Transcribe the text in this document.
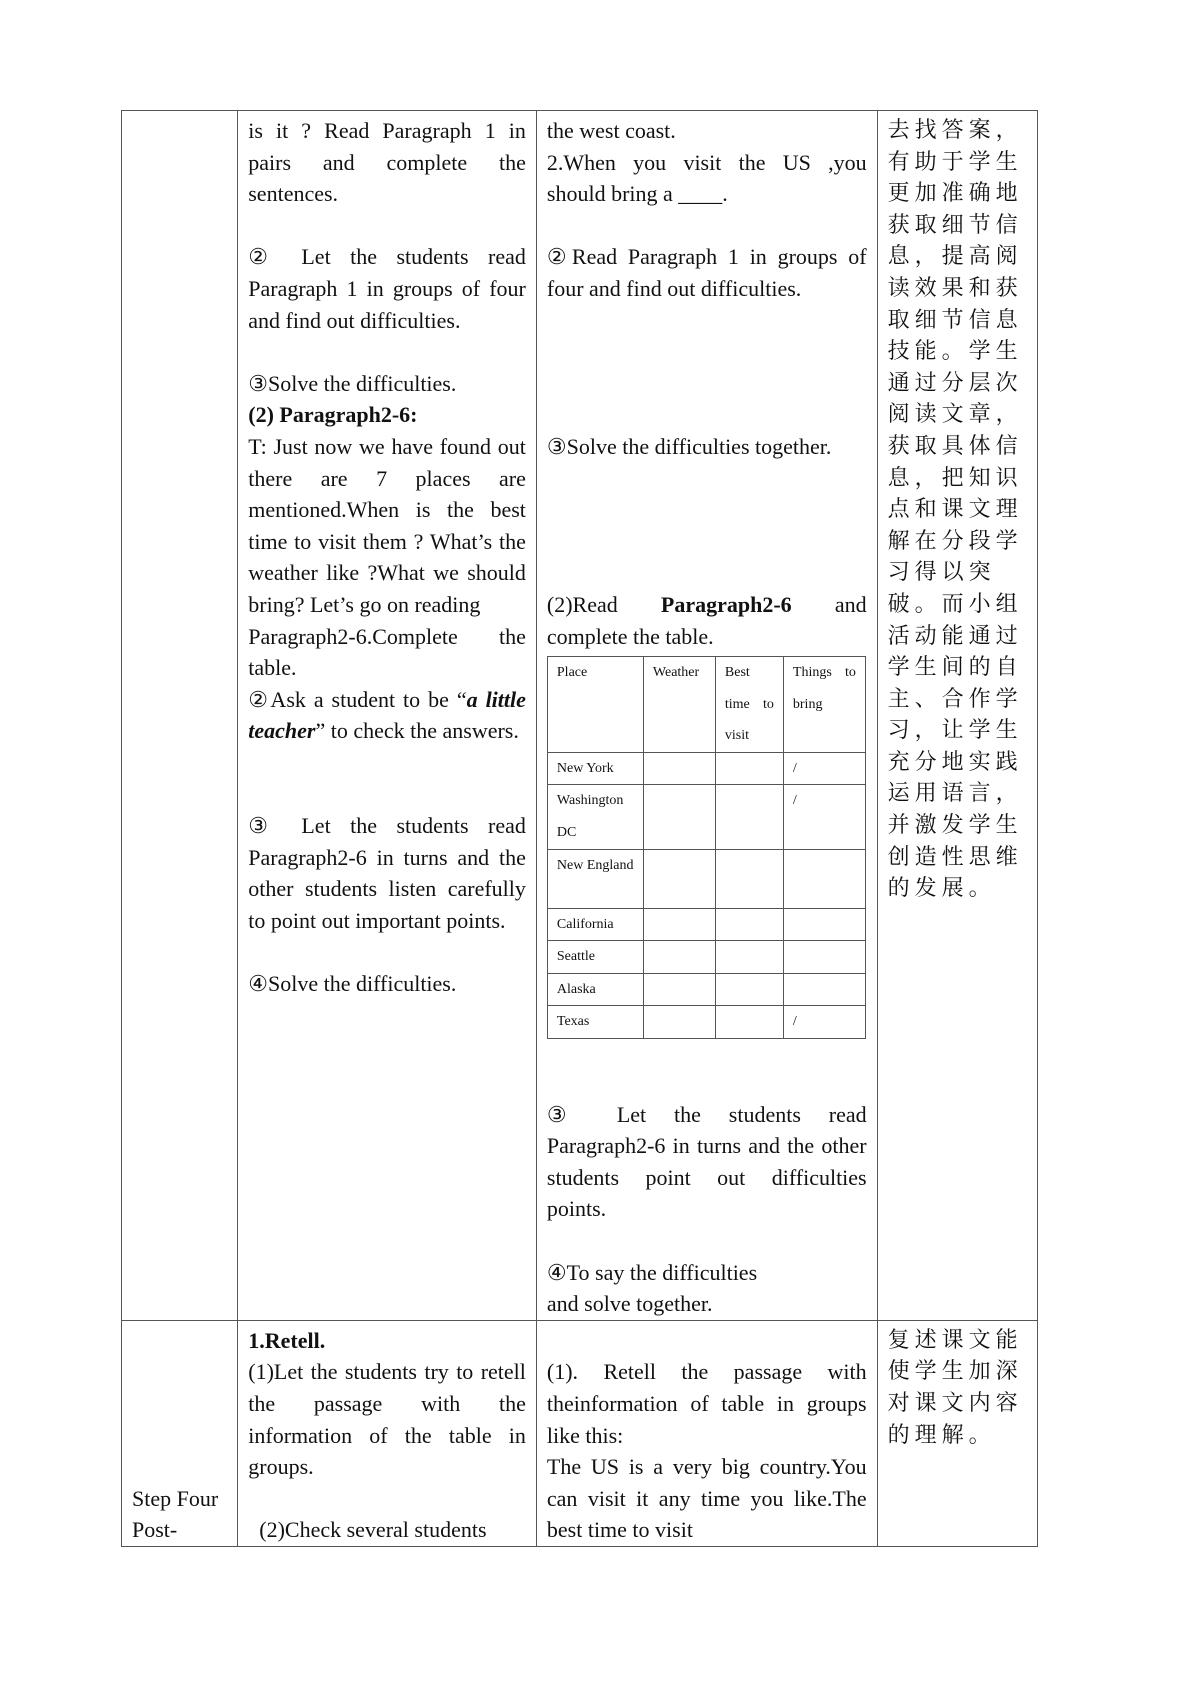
is it ? Read Paragraph 1 in pairs and complete the sentences.

② Let the students read Paragraph 1 in groups of four and find out difficulties.

③Solve the difficulties.

(2) Paragraph2-6:

T: Just now we have found out there are 7 places are mentioned.When is the best time to visit them ? What’s the weather like ?What we should bring? Let’s go on reading

Paragraph2-6.Complete the table.

②Ask a student to be “a little teacher” to check the answers.

③ Let the students read Paragraph2-6 in turns and the other students listen carefully to point out important points.

④Solve the difficulties.

the west coast.

2.When you visit the US ,you should bring a ____.

②Read Paragraph 1 in groups of four and find out difficulties.

③Solve the difficulties together.

(2)Read Paragraph2-6 and

complete the table.

Place	Weather	Best time to visit	Things to bring
New York			/
Washington DC			/
New England			
California			
Seattle			
Alaska			
Texas			/

③ Let the students read Paragraph2-6 in turns and the other students point out difficulties points.

④To say the difficulties

and solve together.

去找答案，有助于学生更加准确地获取细节信息，提高阅读效果和获取细节信息技能。学生通过分层次阅读文章，获取具体信息，把知识点和课文理解在分段学习得以突破。而小组活动能通过学生间的自主、合作学习，让学生充分地实践运用语言，并激发学生创造性思维的发展。

Step Four

Post-

1.Retell.

(1)Let the students try to retell the passage with the information of the table in groups.

(2)Check several students

(1). Retell the passage with theinformation of table in groups like this:

The US is a very big country.You can visit it any time you like.The best time to visit

复述课文能使学生加深对课文内容的理解。
